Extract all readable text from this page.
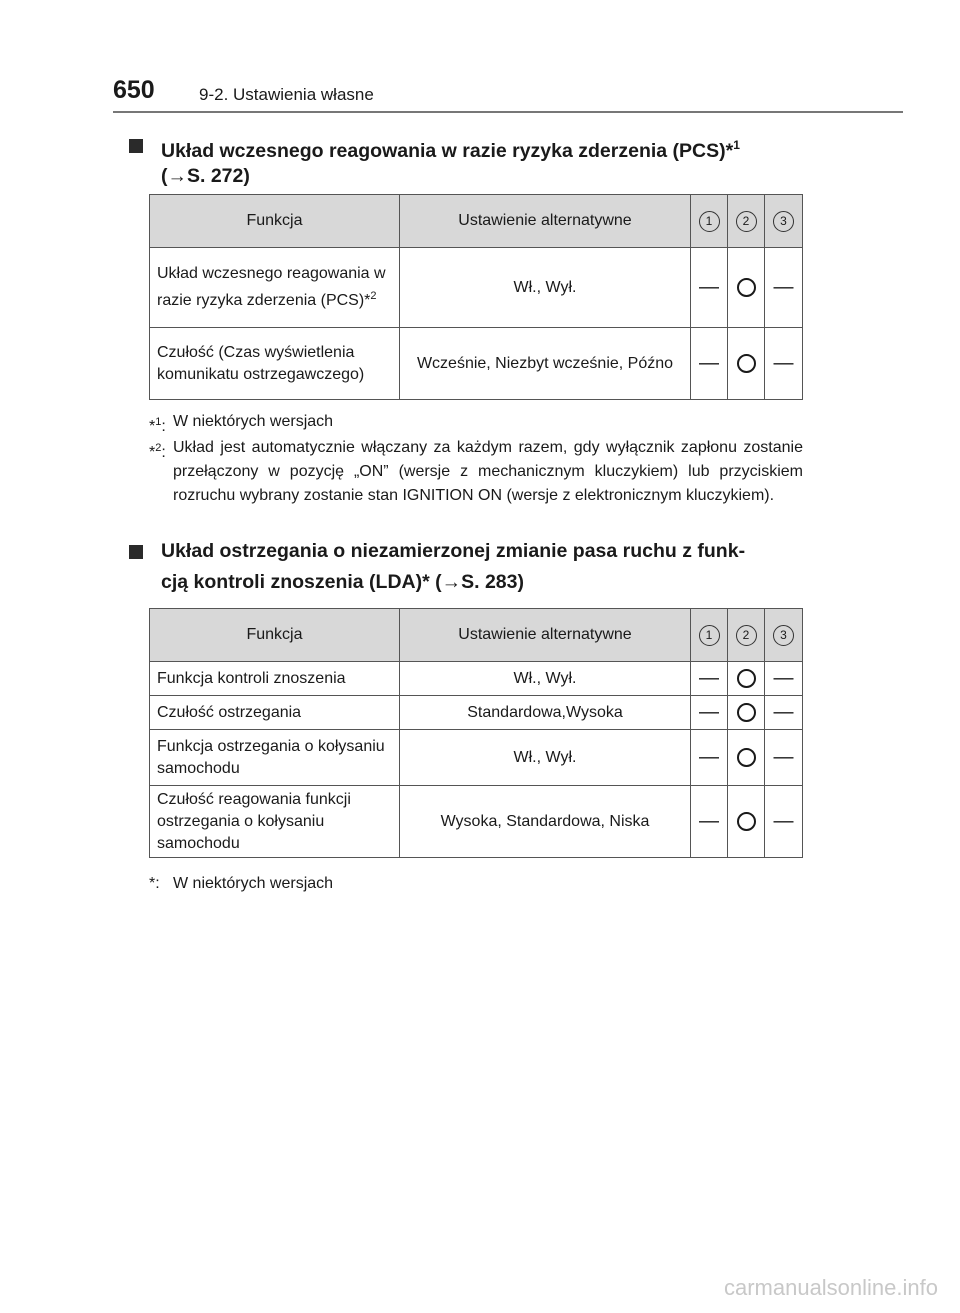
650	9-2. Ustawienia własne
Układ wczesnego reagowania w razie ryzyka zderzenia (PCS)*$^1$
(→S. 272)
Funkcja	Ustawienie alternatywne	1	2	3
Układ wczesnego reagowania w razie ryzyka zderzenia (PCS)*$^2$	Wł., Wył.	—		—
Czułość (Czas wyświetlenia komunikatu ostrzegawczego)	Wcześnie, Niezbyt wcześnie, Późno	—		—
*$^1$: W niektórych wersjach
*$^2$: Układ jest automatycznie włączany za każdym razem, gdy wyłącznik zapłonu zostanie przełączony w pozycję „ON” (wersje z mechanicznym kluczykiem) lub przyciskiem rozruchu wybrany zostanie stan IGNITION ON (wersje z elektronicznym kluczykiem).
Układ ostrzegania o niezamierzonej zmianie pasa ruchu z funk-
cją kontroli znoszenia (LDA)* (→S. 283)
Funkcja	Ustawienie alternatywne	1	2	3
Funkcja kontroli znoszenia	Wł., Wył.	—		—
Czułość ostrzegania	Standardowa,Wysoka	—		—
Funkcja ostrzegania o kołysaniu samochodu	Wł., Wył.	—		—
Czułość reagowania funkcji ostrzegania o kołysaniu samochodu	Wysoka, Standardowa, Niska	—		—
*: W niektórych wersjach
carmanualsonline.info
